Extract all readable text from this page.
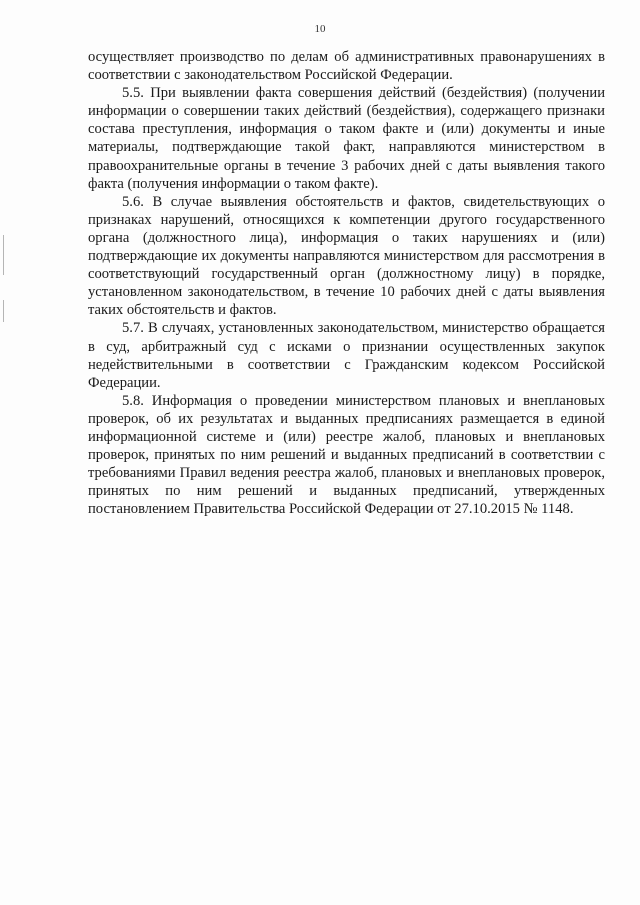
10

осуществляет производство по делам об административных правонарушениях в соответствии с законодательством Российской Федерации.

5.5. При выявлении факта совершения действий (бездействия) (получении информации о совершении таких действий (бездействия), содержащего признаки состава преступления, информация о таком факте и (или) документы и иные материалы, подтверждающие такой факт, направляются министерством в правоохранительные органы в течение 3 рабочих дней с даты выявления такого факта (получения информации о таком факте).

5.6. В случае выявления обстоятельств и фактов, свидетельствующих о признаках нарушений, относящихся к компетенции другого государственного органа (должностного лица), информация о таких нарушениях и (или) подтверждающие их документы направляются министерством для рассмотрения в соответствующий государственный орган (должностному лицу) в порядке, установленном законодательством, в течение 10 рабочих дней с даты выявления таких обстоятельств и фактов.

5.7. В случаях, установленных законодательством, министерство обращается в суд, арбитражный суд с исками о признании осуществленных закупок недействительными в соответствии с Гражданским кодексом Российской Федерации.

5.8. Информация о проведении министерством плановых и внеплановых проверок, об их результатах и выданных предписаниях размещается в единой информационной системе и (или) реестре жалоб, плановых и внеплановых проверок, принятых по ним решений и выданных предписаний в соответствии с требованиями Правил ведения реестра жалоб, плановых и внеплановых проверок, принятых по ним решений и выданных предписаний, утвержденных постановлением Правительства Российской Федерации от 27.10.2015 № 1148.
